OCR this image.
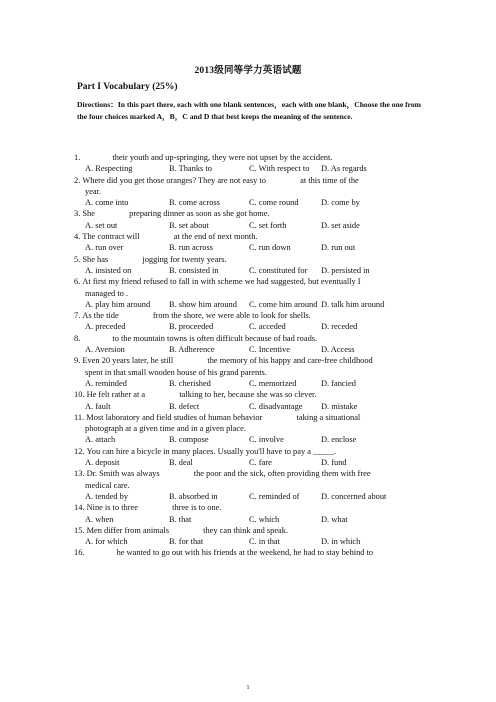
2013级同等学力英语试题
Part I Vocabulary (25%)
Directions：In this part there, each with one blank sentences，each with one blank，Choose the one from the four choices marked A，B，C and D that best keeps the meaning of the sentence.
1.	their youth and up-springing, they were not upset by the accident.
A. Respecting	B. Thanks to	C. With respect to	D. As regards
2. Where did you get those oranges? They are not easy to	at this time of the
year.
A. come into	B. come across	C. come round	D. come by
3. She	preparing dinner as soon as she got home.
A. set out	B. set about	C. set forth	D. set aside
4. The contract will	at the end of next month.
A. run over	B. run across	C. run down	D. run out
5. She has	jogging for twenty years.
A. insisted on	B. consisted in	C. constituted for	D. persisted in
6. At first my friend refused to fall in with scheme we had suggested, but eventually I
managed to .
A. play him around	B. show him around	C. come him around D. talk him around
7. As the tide	from the shore, we were able to look for shells.
A. preceded	B. proceeded	C. acceded	D. receded
8.	to the mountain towns is often difficult because of bad roads.
A. Aversion	B. Adherence	C. Incentive	D. Access
9. Even 20 years later, he still	the memory of his happy and care-free childhood
spent in that small wooden house of his grand parents.
A. reminded	B. cherished	C. memorized	D. fancied
10. He felt rather at a	talking to her, because she was so clever.
A. fault	B. defect	C. disadvantage	D. mistake
11. Most laboratory and field studies of human behavior	taking a situational
photograph at a given time and in a given place.
A. attach	B. compose	C. involve	D. enclose
12. You can hire a bicycle in many places. Usually you'll have to pay a _____.
A. deposit	B. deal	C. fare	D. fund
13. Dr. Smith was always	the poor and the sick, often providing them with free
medical care.
A. tended by	B. absorbed in	C. reminded of	D. concerned about
14. Nine is to three	three is to one.
A. when	B. that	C. which	D. what
15. Men differ from animals	they can think and speak.
A. for which	B. for that	C. in that	D. in which
16.	he wanted to go out with his friends at the weekend, he had to stay behind to
1
